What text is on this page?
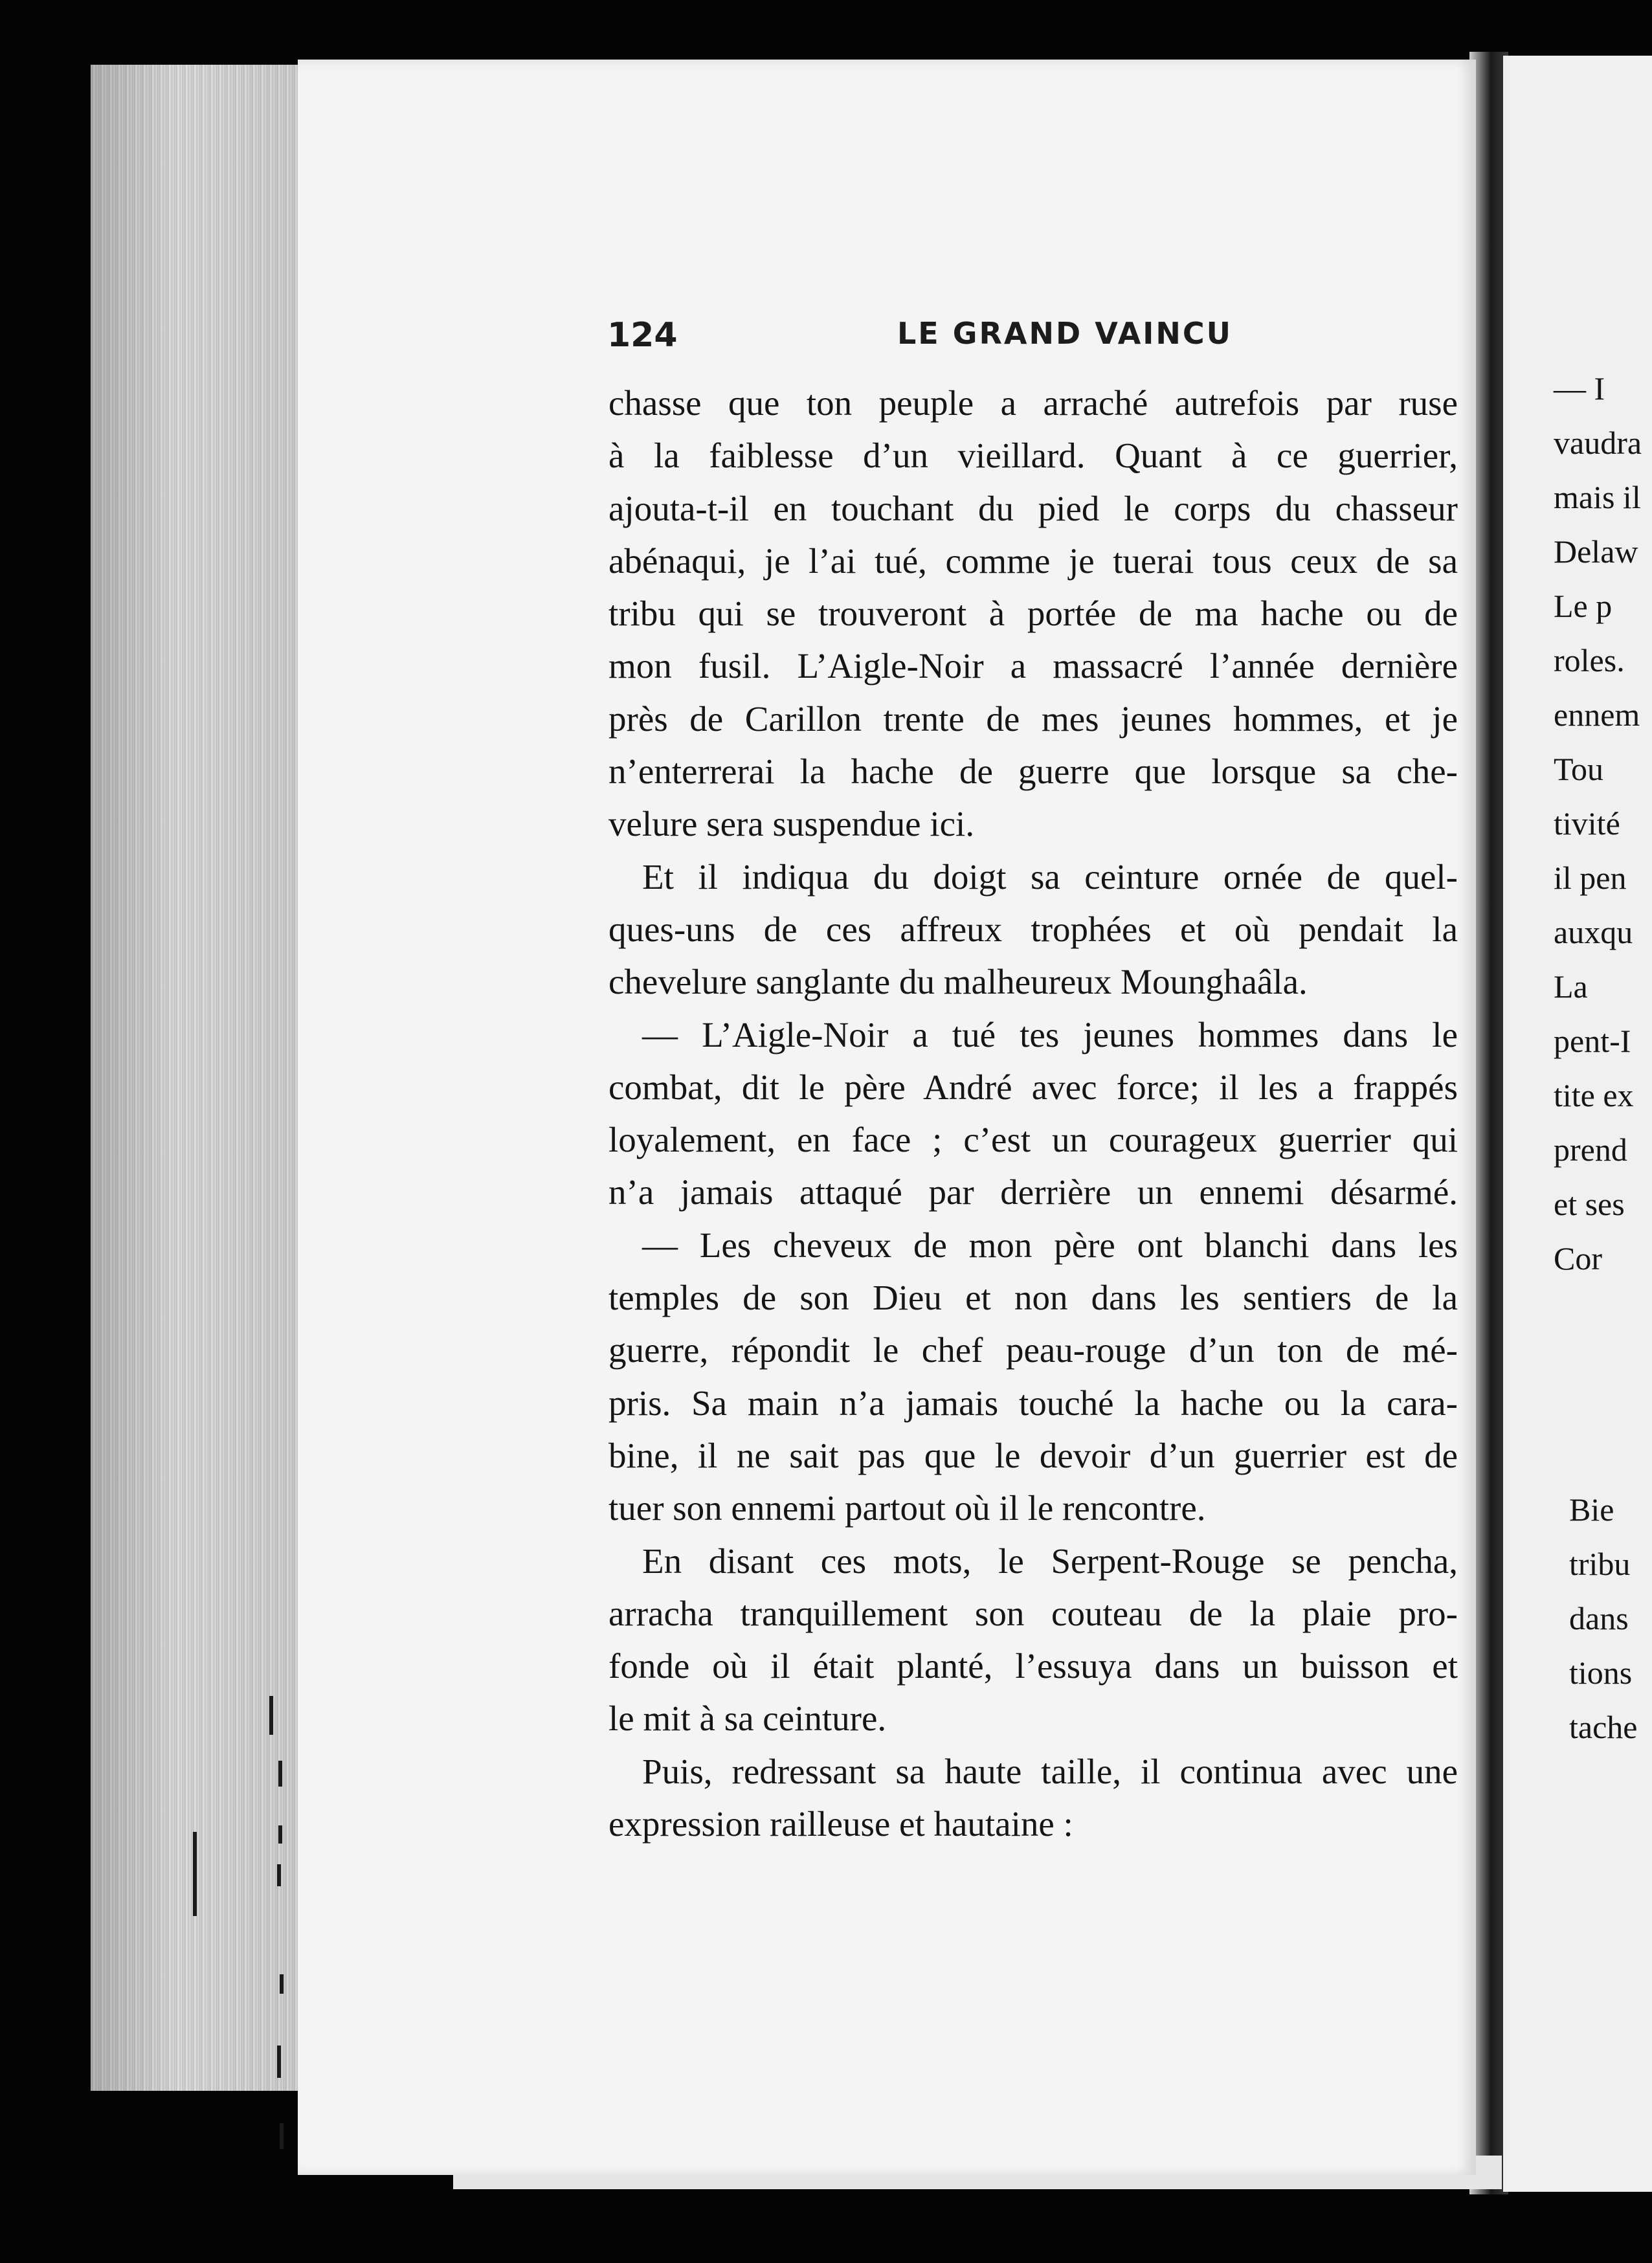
124	LE GRAND VAINCU
chasse que ton peuple a arraché autrefois par ruse
à la faiblesse d’un vieillard. Quant à ce guerrier,
ajouta-t-il en touchant du pied le corps du chasseur
abénaqui, je l’ai tué, comme je tuerai tous ceux de sa
tribu qui se trouveront à portée de ma hache ou de
mon fusil. L’Aigle-Noir a massacré l’année dernière
près de Carillon trente de mes jeunes hommes, et je
n’enterrerai la hache de guerre que lorsque sa che-
velure sera suspendue ici.
Et il indiqua du doigt sa ceinture ornée de quel-
ques-uns de ces affreux trophées et où pendait la
chevelure sanglante du malheureux Mounghaâla.
— L’Aigle-Noir a tué tes jeunes hommes dans le
combat, dit le père André avec force; il les a frappés
loyalement, en face ; c’est un courageux guerrier qui
n’a jamais attaqué par derrière un ennemi désarmé.
— Les cheveux de mon père ont blanchi dans les
temples de son Dieu et non dans les sentiers de la
guerre, répondit le chef peau-rouge d’un ton de mé-
pris. Sa main n’a jamais touché la hache ou la cara-
bine, il ne sait pas que le devoir d’un guerrier est de
tuer son ennemi partout où il le rencontre.
En disant ces mots, le Serpent-Rouge se pencha,
arracha tranquillement son couteau de la plaie pro-
fonde où il était planté, l’essuya dans un buisson et
le mit à sa ceinture.
Puis, redressant sa haute taille, il continua avec une
expression railleuse et hautaine :
— I
vaudra
mais il
Delaw
Le p
roles.
ennem
Tou
tivité
il pen
auxqu
La
pent-I
tite ex
prend
et ses
Cor
Bie
tribu
dans
tions
tache
